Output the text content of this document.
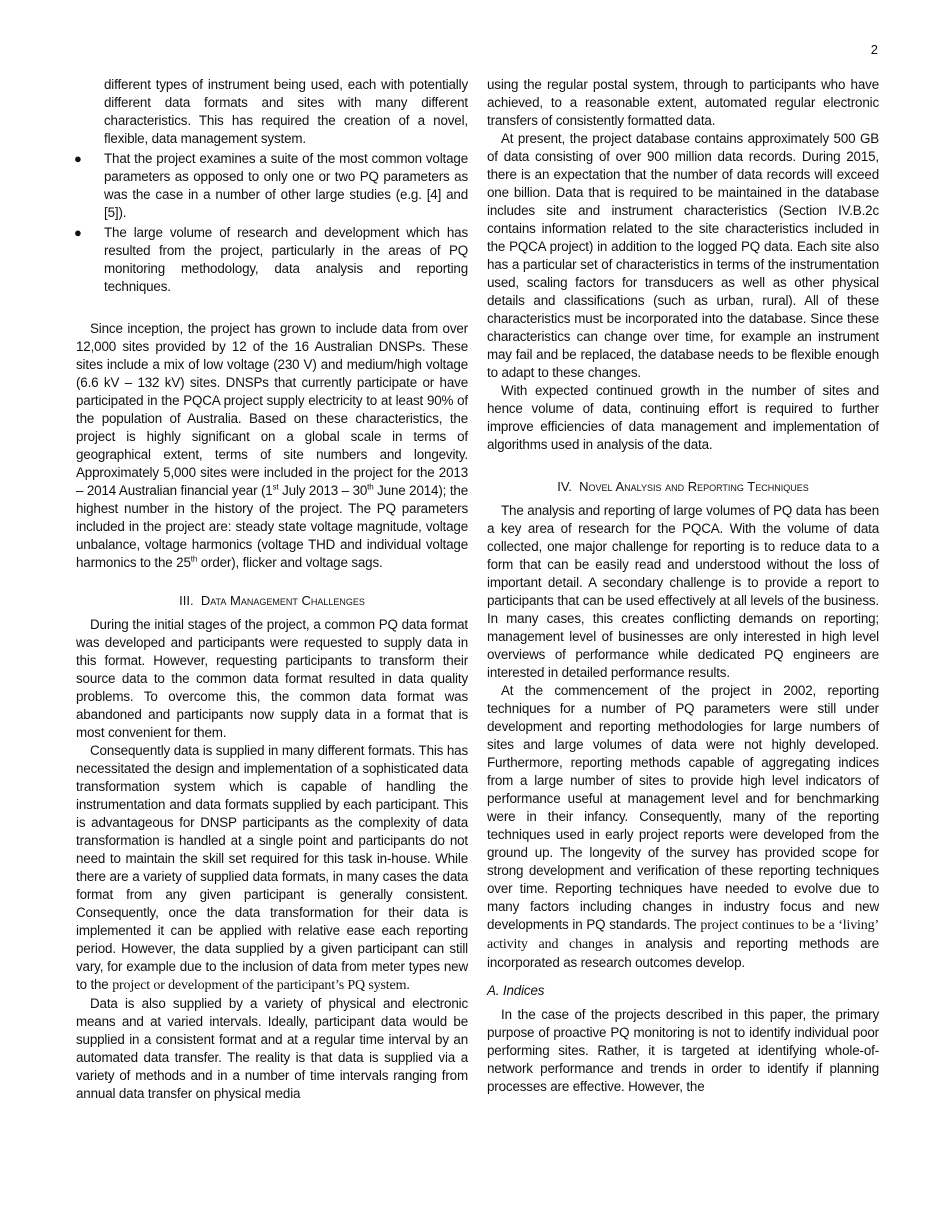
2

different types of instrument being used, each with potentially different data formats and sites with many different characteristics. This has required the creation of a novel, flexible, data management system.

● That the project examines a suite of the most common voltage parameters as opposed to only one or two PQ parameters as was the case in a number of other large studies (e.g. [4] and [5]).
● The large volume of research and development which has resulted from the project, particularly in the areas of PQ monitoring methodology, data analysis and reporting techniques.

Since inception, the project has grown to include data from over 12,000 sites provided by 12 of the 16 Australian DNSPs. These sites include a mix of low voltage (230 V) and medium/high voltage (6.6 kV – 132 kV) sites. DNSPs that currently participate or have participated in the PQCA project supply electricity to at least 90% of the population of Australia. Based on these characteristics, the project is highly significant on a global scale in terms of geographical extent, terms of site numbers and longevity. Approximately 5,000 sites were included in the project for the 2013 – 2014 Australian financial year (1st July 2013 – 30th June 2014); the highest number in the history of the project. The PQ parameters included in the project are: steady state voltage magnitude, voltage unbalance, voltage harmonics (voltage THD and individual voltage harmonics to the 25th order), flicker and voltage sags.

III. Data Management Challenges

During the initial stages of the project, a common PQ data format was developed and participants were requested to supply data in this format. However, requesting participants to transform their source data to the common data format resulted in data quality problems. To overcome this, the common data format was abandoned and participants now supply data in a format that is most convenient for them.

Consequently data is supplied in many different formats. This has necessitated the design and implementation of a sophisticated data transformation system which is capable of handling the instrumentation and data formats supplied by each participant. This is advantageous for DNSP participants as the complexity of data transformation is handled at a single point and participants do not need to maintain the skill set required for this task in-house. While there are a variety of supplied data formats, in many cases the data format from any given participant is generally consistent. Consequently, once the data transformation for their data is implemented it can be applied with relative ease each reporting period. However, the data supplied by a given participant can still vary, for example due to the inclusion of data from meter types new to the project or development of the participant’s PQ system.

Data is also supplied by a variety of physical and electronic means and at varied intervals. Ideally, participant data would be supplied in a consistent format and at a regular time interval by an automated data transfer. The reality is that data is supplied via a variety of methods and in a number of time intervals ranging from annual data transfer on physical media

using the regular postal system, through to participants who have achieved, to a reasonable extent, automated regular electronic transfers of consistently formatted data.

At present, the project database contains approximately 500 GB of data consisting of over 900 million data records. During 2015, there is an expectation that the number of data records will exceed one billion. Data that is required to be maintained in the database includes site and instrument characteristics (Section IV.B.2c contains information related to the site characteristics included in the PQCA project) in addition to the logged PQ data. Each site also has a particular set of characteristics in terms of the instrumentation used, scaling factors for transducers as well as other physical details and classifications (such as urban, rural). All of these characteristics must be incorporated into the database. Since these characteristics can change over time, for example an instrument may fail and be replaced, the database needs to be flexible enough to adapt to these changes.

With expected continued growth in the number of sites and hence volume of data, continuing effort is required to further improve efficiencies of data management and implementation of algorithms used in analysis of the data.

IV. Novel Analysis and Reporting Techniques

The analysis and reporting of large volumes of PQ data has been a key area of research for the PQCA. With the volume of data collected, one major challenge for reporting is to reduce data to a form that can be easily read and understood without the loss of important detail. A secondary challenge is to provide a report to participants that can be used effectively at all levels of the business. In many cases, this creates conflicting demands on reporting; management level of businesses are only interested in high level overviews of performance while dedicated PQ engineers are interested in detailed performance results.

At the commencement of the project in 2002, reporting techniques for a number of PQ parameters were still under development and reporting methodologies for large numbers of sites and large volumes of data were not highly developed. Furthermore, reporting methods capable of aggregating indices from a large number of sites to provide high level indicators of performance useful at management level and for benchmarking were in their infancy. Consequently, many of the reporting techniques used in early project reports were developed from the ground up. The longevity of the survey has provided scope for strong development and verification of these reporting techniques over time. Reporting techniques have needed to evolve due to many factors including changes in industry focus and new developments in PQ standards. The project continues to be a ‘living’ activity and changes in analysis and reporting methods are incorporated as research outcomes develop.

A. Indices

In the case of the projects described in this paper, the primary purpose of proactive PQ monitoring is not to identify individual poor performing sites. Rather, it is targeted at identifying whole-of-network performance and trends in order to identify if planning processes are effective. However, the
